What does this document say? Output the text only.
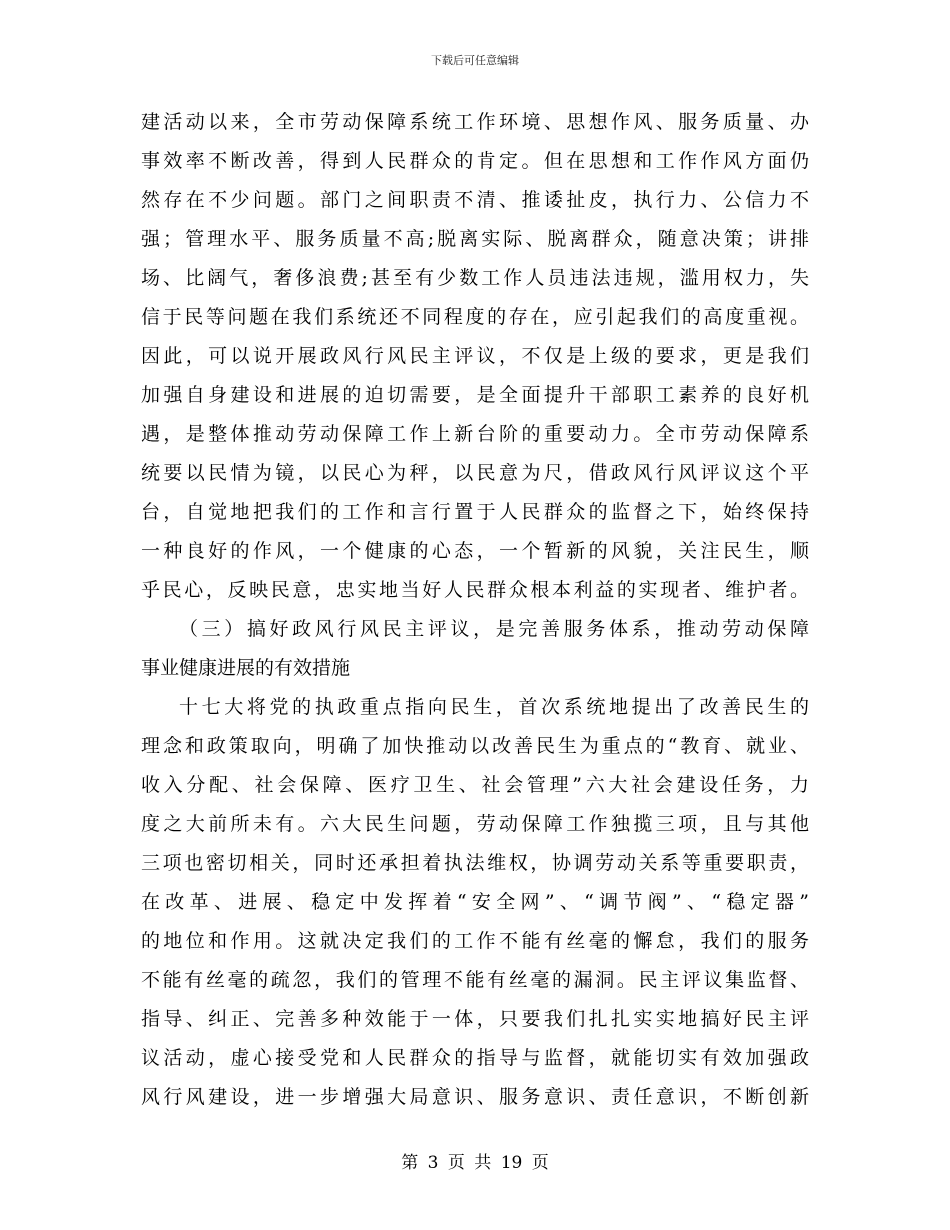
下载后可任意编辑
建活动以来，全市劳动保障系统工作环境、思想作风、服务质量、办
事效率不断改善，得到人民群众的肯定。但在思想和工作作风方面仍
然存在不少问题。部门之间职责不清、推诿扯皮，执行力、公信力不
强；管理水平、服务质量不高;脱离实际、脱离群众，随意决策；讲排
场、比阔气，奢侈浪费;甚至有少数工作人员违法违规，滥用权力，失
信于民等问题在我们系统还不同程度的存在，应引起我们的高度重视。
因此，可以说开展政风行风民主评议，不仅是上级的要求，更是我们
加强自身建设和进展的迫切需要，是全面提升干部职工素养的良好机
遇，是整体推动劳动保障工作上新台阶的重要动力。全市劳动保障系
统要以民情为镜，以民心为秤，以民意为尺，借政风行风评议这个平
台，自觉地把我们的工作和言行置于人民群众的监督之下，始终保持
一种良好的作风，一个健康的心态，一个暂新的风貌，关注民生，顺
乎民心，反映民意，忠实地当好人民群众根本利益的实现者、维护者。
（三）搞好政风行风民主评议，是完善服务体系，推动劳动保障
事业健康进展的有效措施
十七大将党的执政重点指向民生，首次系统地提出了改善民生的
理念和政策取向，明确了加快推动以改善民生为重点的“教育、就业、
收入分配、社会保障、医疗卫生、社会管理”六大社会建设任务，力
度之大前所未有。六大民生问题，劳动保障工作独揽三项，且与其他
三项也密切相关，同时还承担着执法维权，协调劳动关系等重要职责，
在改革、进展、稳定中发挥着“安全网”、“调节阀”、“稳定器”
的地位和作用。这就决定我们的工作不能有丝毫的懈怠，我们的服务
不能有丝毫的疏忽，我们的管理不能有丝毫的漏洞。民主评议集监督、
指导、纠正、完善多种效能于一体，只要我们扎扎实实地搞好民主评
议活动，虚心接受党和人民群众的指导与监督，就能切实有效加强政
风行风建设，进一步增强大局意识、服务意识、责任意识，不断创新
第 3 页 共 19 页
